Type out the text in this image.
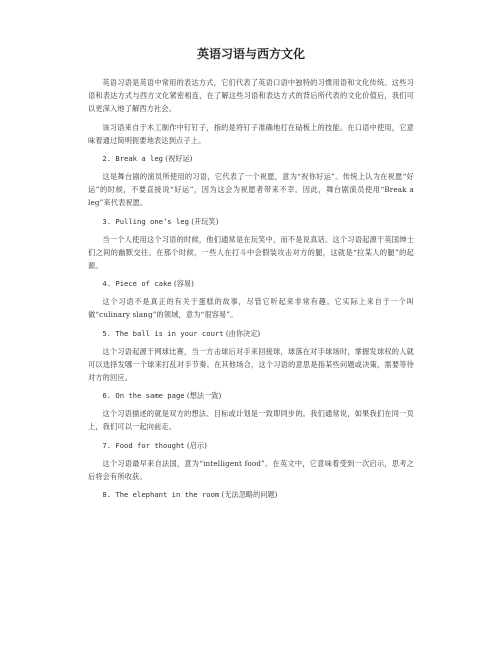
英语习语与西方文化

英语习语是英语中常用的表达方式，它们代表了英语口语中独特的习惯用语和文化传统。这些习语和表达方式与西方文化紧密相连，在了解这些习语和表达方式的背后所代表的文化价值后，我们可以更深入地了解西方社会。

该习语来自于木工制作中钉钉子，指的是将钉子准确地打在砧板上的技能。在口语中使用，它意味着通过简明扼要地表达到点子上。

2. Break a leg (祝好运)

这是舞台剧的演员所使用的习语，它代表了一个祝愿，意为“祝你好运”。传统上认为在祝愿“好运”的时候，不要直接说“好运”，因为这会为祝愿者带来不幸。因此，舞台剧演员使用“Break a leg”来代表祝愿。

3. Pulling one’s leg (开玩笑)

当一个人使用这个习语的时候，他们通常是在玩笑中，而不是说真话。这个习语起源于英国绅士们之间的幽默交往。在那个时候，一些人在打斗中会假装攻击对方的腿，这就是“拉某人的腿”的起源。

4. Piece of cake (容易)

这个习语不是真正的有关于蛋糕的故事，尽管它听起来非常有趣。它实际上来自于一个叫做“culinary slang”的领域，意为“很容易”。

5. The ball is in your court (由你决定)

这个习语起源于网球比赛，当一方击球后对手来回接球，球落在对手球场时，掌握发球权的人就可以选择发哪一个球来打乱对手节奏。在其他场合，这个习语的意思是指某些问题或决策，需要等待对方的回应。

6. On the same page (想法一致)

这个习语描述的就是双方的想法、目标或计划是一致即同步的。我们通常说，如果我们在同一页上，我们可以一起向前走。

7. Food for thought (启示)

这个习语最早来自法国，意为“intelligent food”。在英文中，它意味着受到一次启示，思考之后将会有所收获。

8. The elephant in the room (无法忽略的问题)
